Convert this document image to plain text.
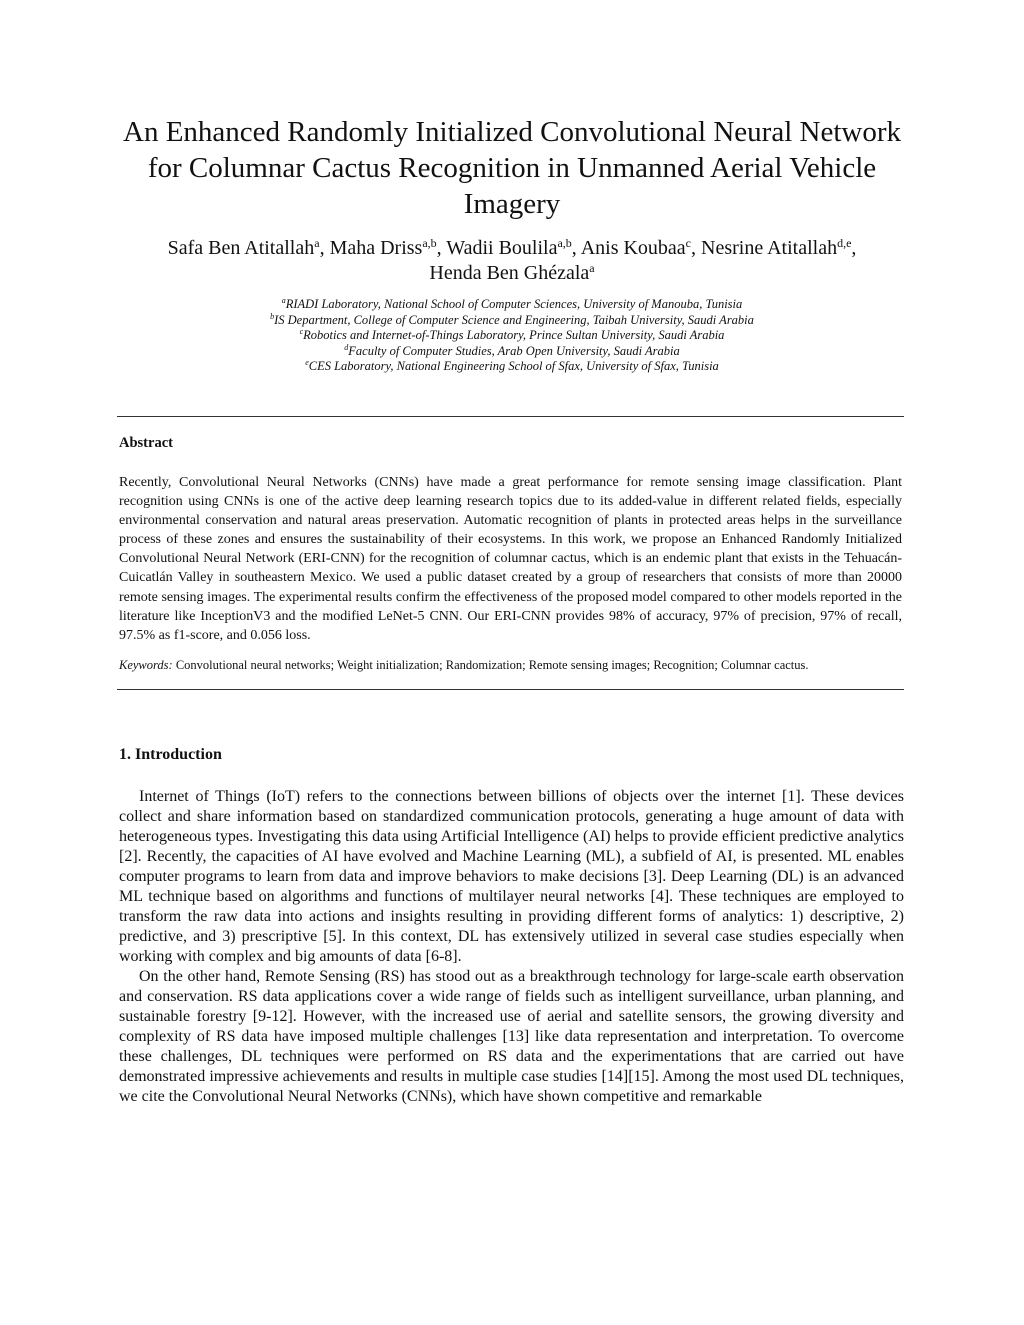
An Enhanced Randomly Initialized Convolutional Neural Network
for Columnar Cactus Recognition in Unmanned Aerial Vehicle
Imagery
Safa Ben Atitallah$^a$, Maha Driss$^{a,b}$, Wadii Boulila$^{a,b}$, Anis Koubaa$^c$, Nesrine Atitallah$^{d,e}$,
Henda Ben Ghézala$^a$
$^a$RIADI Laboratory, National School of Computer Sciences, University of Manouba, Tunisia
$^b$IS Department, College of Computer Science and Engineering, Taibah University, Saudi Arabia
$^c$Robotics and Internet-of-Things Laboratory, Prince Sultan University, Saudi Arabia
$^d$Faculty of Computer Studies, Arab Open University, Saudi Arabia
$^e$CES Laboratory, National Engineering School of Sfax, University of Sfax, Tunisia
Abstract
Recently, Convolutional Neural Networks (CNNs) have made a great performance for remote sensing image classification. Plant recognition using CNNs is one of the active deep learning research topics due to its added-value in different related fields, especially environmental conservation and natural areas preservation. Automatic recognition of plants in protected areas helps in the surveillance process of these zones and ensures the sustainability of their ecosystems. In this work, we propose an Enhanced Randomly Initialized Convolutional Neural Network (ERI-CNN) for the recognition of columnar cactus, which is an endemic plant that exists in the Tehuacán-Cuicatlán Valley in southeastern Mexico. We used a public dataset created by a group of researchers that consists of more than 20000 remote sensing images. The experimental results confirm the effectiveness of the proposed model compared to other models reported in the literature like InceptionV3 and the modified LeNet-5 CNN. Our ERI-CNN provides 98% of accuracy, 97% of precision, 97% of recall, 97.5% as f1-score, and 0.056 loss.
Keywords: Convolutional neural networks; Weight initialization; Randomization; Remote sensing images; Recognition; Columnar cactus.
1. Introduction

Internet of Things (IoT) refers to the connections between billions of objects over the internet [1]. These devices collect and share information based on standardized communication protocols, generating a huge amount of data with heterogeneous types. Investigating this data using Artificial Intelligence (AI) helps to provide efficient predictive analytics [2]. Recently, the capacities of AI have evolved and Machine Learning (ML), a subfield of AI, is presented. ML enables computer programs to learn from data and improve behaviors to make decisions [3]. Deep Learning (DL) is an advanced ML technique based on algorithms and functions of multilayer neural networks [4]. These techniques are employed to transform the raw data into actions and insights resulting in providing different forms of analytics: 1) descriptive, 2) predictive, and 3) prescriptive [5]. In this context, DL has extensively utilized in several case studies especially when working with complex and big amounts of data [6-8].

On the other hand, Remote Sensing (RS) has stood out as a breakthrough technology for large-scale earth observation and conservation. RS data applications cover a wide range of fields such as intelligent surveillance, urban planning, and sustainable forestry [9-12]. However, with the increased use of aerial and satellite sensors, the growing diversity and complexity of RS data have imposed multiple challenges [13] like data representation and interpretation. To overcome these challenges, DL techniques were performed on RS data and the experimentations that are carried out have demonstrated impressive achievements and results in multiple case studies [14][15]. Among the most used DL techniques, we cite the Convolutional Neural Networks (CNNs), which have shown competitive and remarkable
